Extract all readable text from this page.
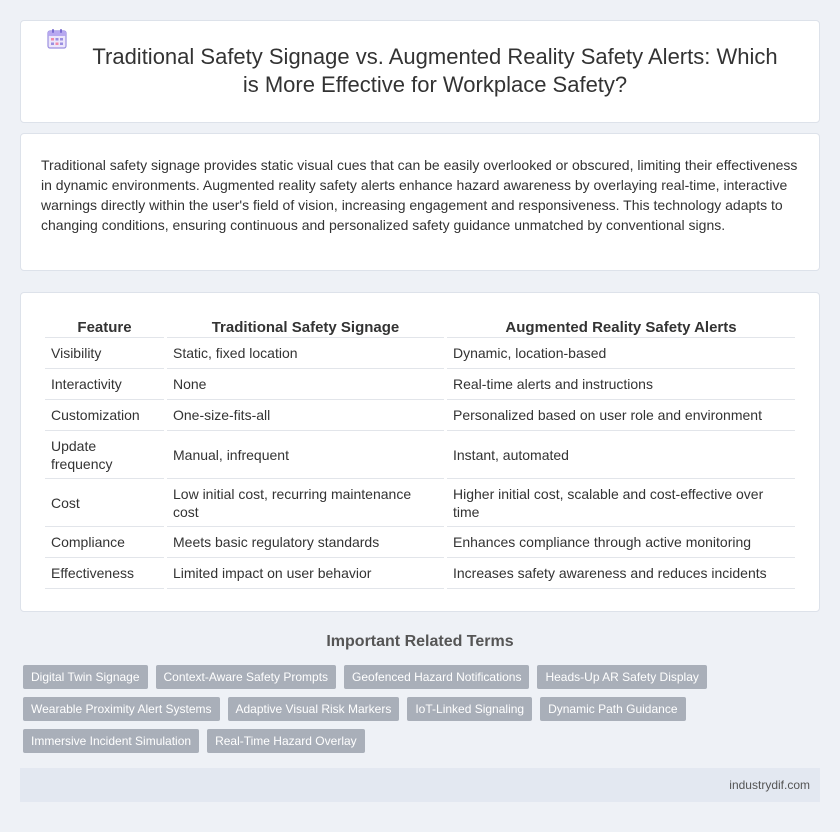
Traditional Safety Signage vs. Augmented Reality Safety Alerts: Which is More Effective for Workplace Safety?

Traditional safety signage provides static visual cues that can be easily overlooked or obscured, limiting their effectiveness in dynamic environments. Augmented reality safety alerts enhance hazard awareness by overlaying real-time, interactive warnings directly within the user's field of vision, increasing engagement and responsiveness. This technology adapts to changing conditions, ensuring continuous and personalized safety guidance unmatched by conventional signs.

Feature	Traditional Safety Signage	Augmented Reality Safety Alerts
Visibility	Static, fixed location	Dynamic, location-based
Interactivity	None	Real-time alerts and instructions
Customization	One-size-fits-all	Personalized based on user role and environment
Update frequency	Manual, infrequent	Instant, automated
Cost	Low initial cost, recurring maintenance cost	Higher initial cost, scalable and cost-effective over time
Compliance	Meets basic regulatory standards	Enhances compliance through active monitoring
Effectiveness	Limited impact on user behavior	Increases safety awareness and reduces incidents
Important Related Terms
Digital Twin Signage	Context-Aware Safety Prompts	Geofenced Hazard Notifications	Heads-Up AR Safety Display
Wearable Proximity Alert Systems	Adaptive Visual Risk Markers	IoT-Linked Signaling	Dynamic Path Guidance
Immersive Incident Simulation	Real-Time Hazard Overlay
industrydif.com
